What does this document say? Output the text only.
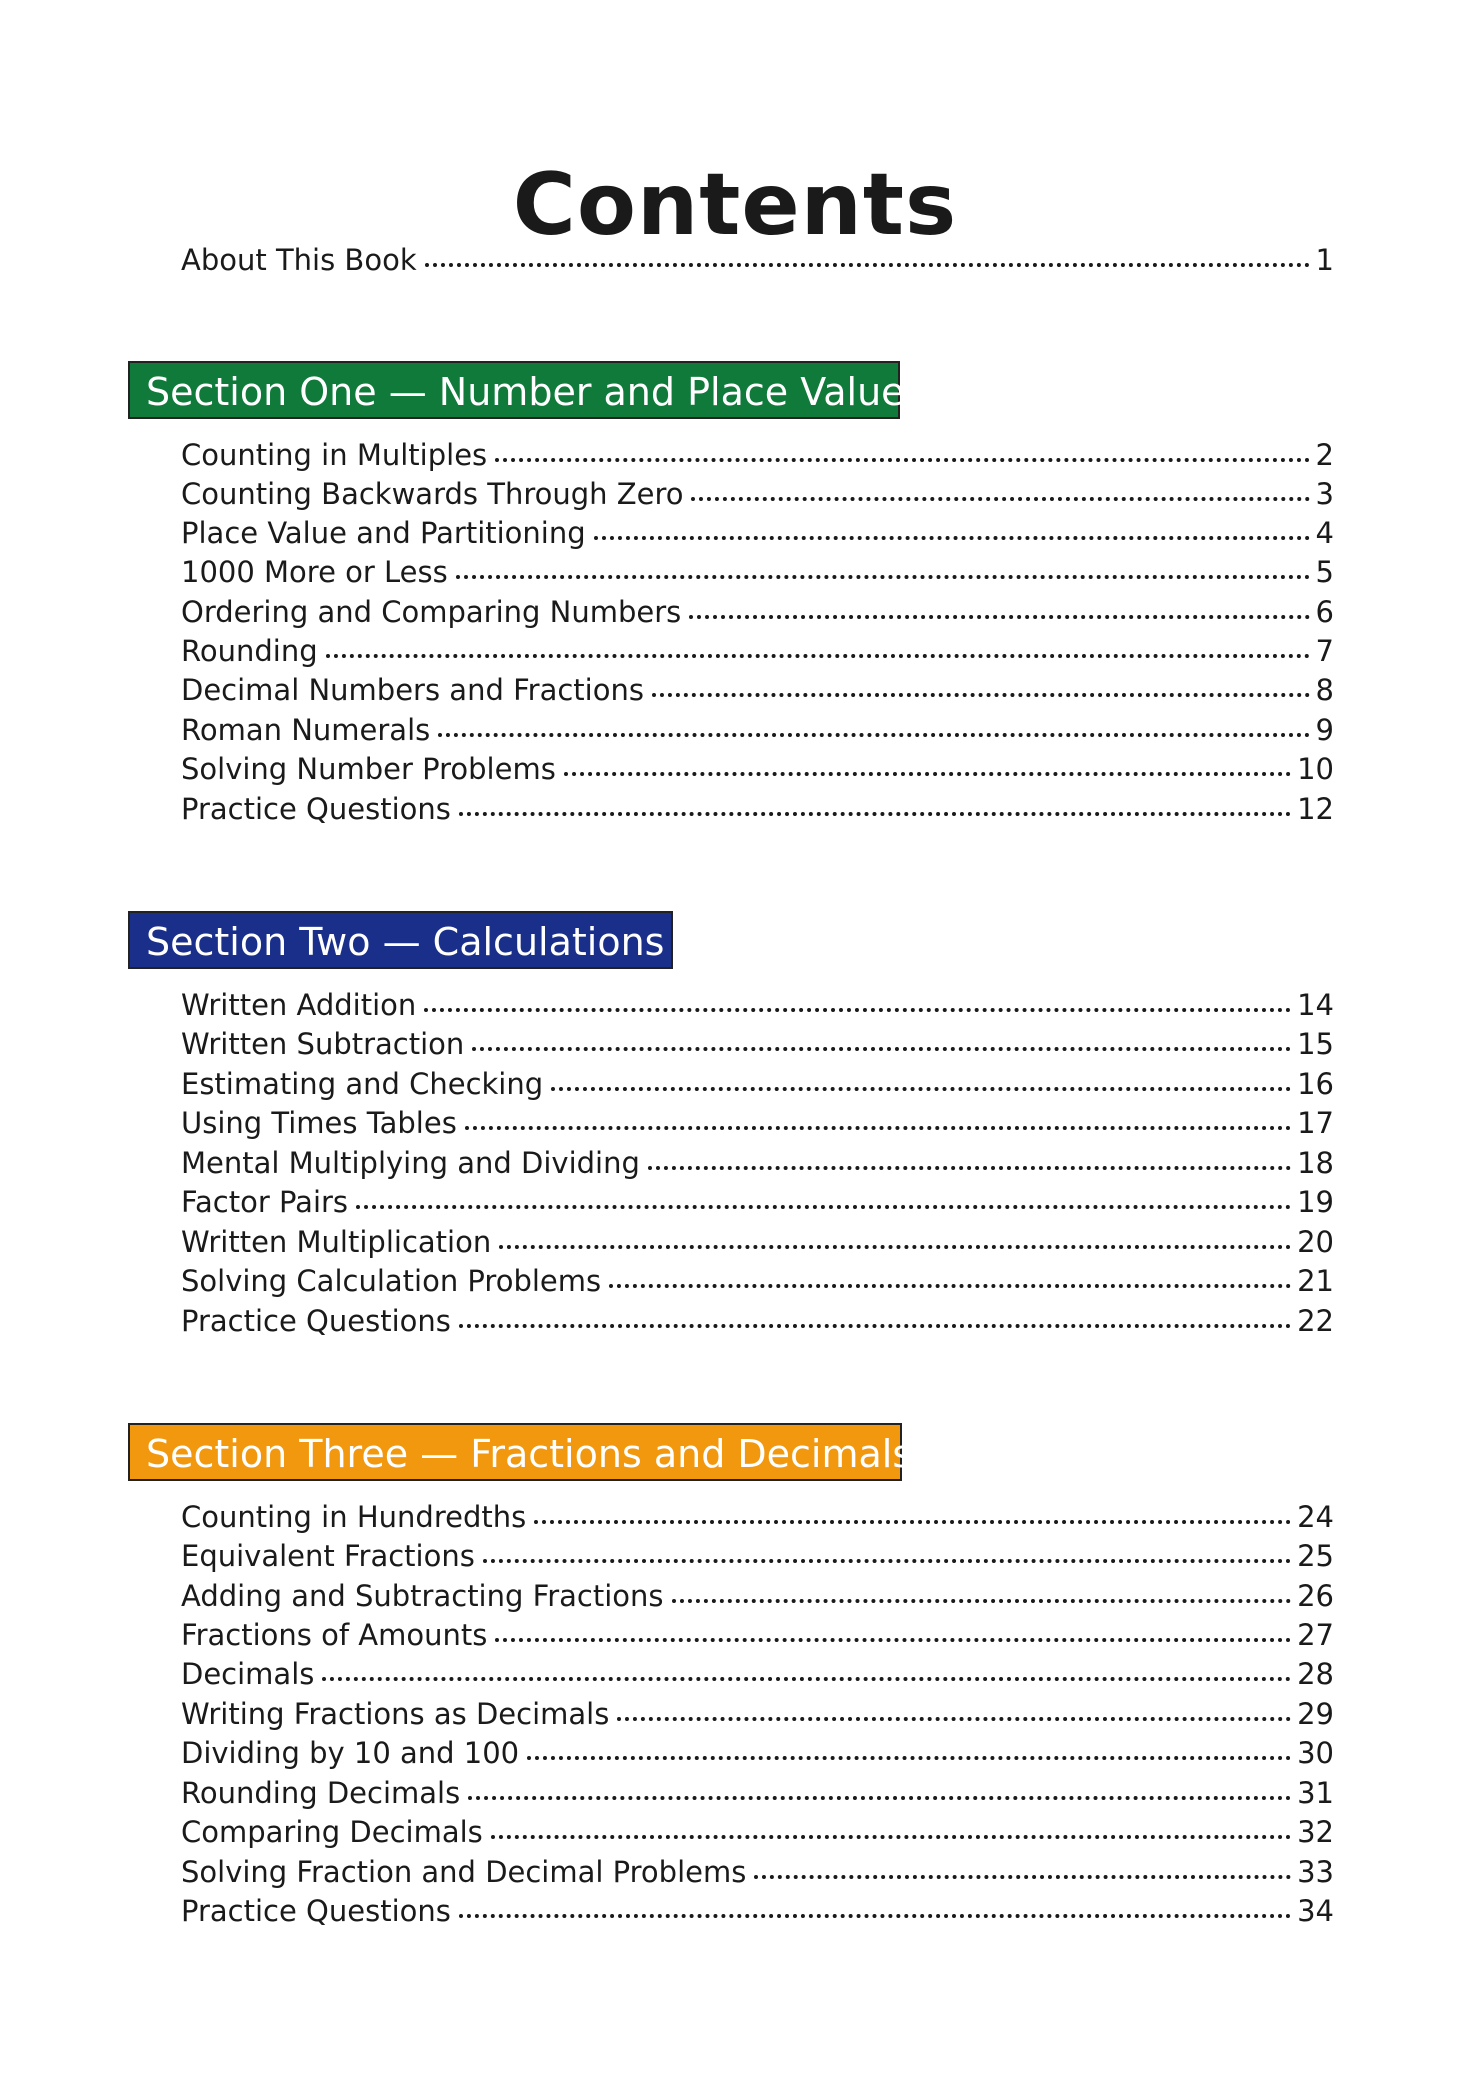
Contents
About This Book	1
Section One — Number and Place Value
Counting in Multiples	2
Counting Backwards Through Zero	3
Place Value and Partitioning	4
1000 More or Less	5
Ordering and Comparing Numbers	6
Rounding	7
Decimal Numbers and Fractions	8
Roman Numerals	9
Solving Number Problems	10
Practice Questions	12
Section Two — Calculations
Written Addition	14
Written Subtraction	15
Estimating and Checking	16
Using Times Tables	17
Mental Multiplying and Dividing	18
Factor Pairs	19
Written Multiplication	20
Solving Calculation Problems	21
Practice Questions	22
Section Three — Fractions and Decimals
Counting in Hundredths	24
Equivalent Fractions	25
Adding and Subtracting Fractions	26
Fractions of Amounts	27
Decimals	28
Writing Fractions as Decimals	29
Dividing by 10 and 100	30
Rounding Decimals	31
Comparing Decimals	32
Solving Fraction and Decimal Problems	33
Practice Questions	34
